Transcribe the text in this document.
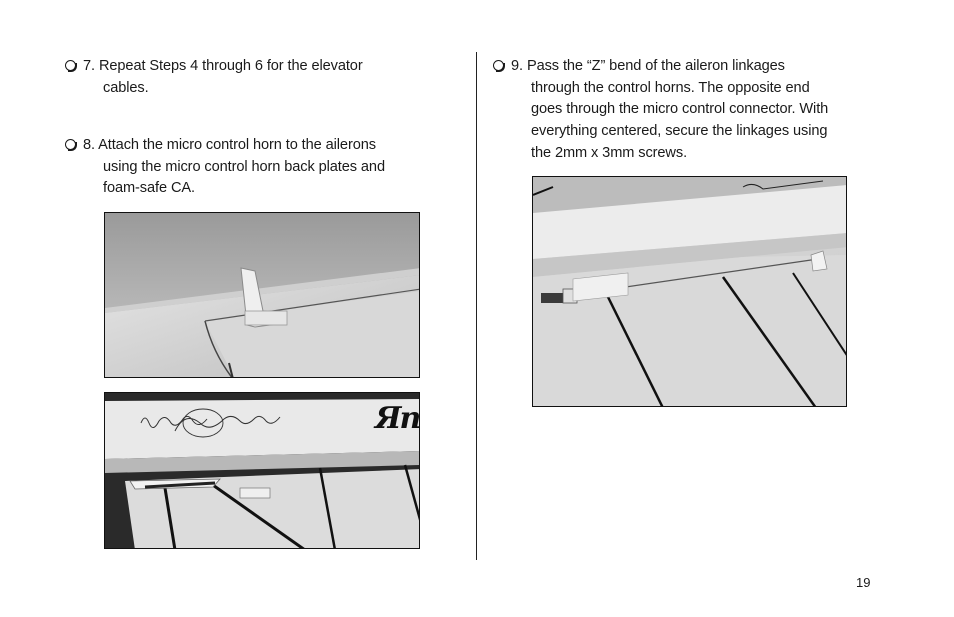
7. Repeat Steps 4 through 6 for the elevator
cables.
8. Attach the micro control horn to the ailerons
using the micro control horn back plates and
foam-safe CA.
Яn
9. Pass the “Z” bend of the aileron linkages
through the control horns. The opposite end
goes through the micro control connector. With
everything centered, secure the linkages using
the 2mm x 3mm screws.
19
